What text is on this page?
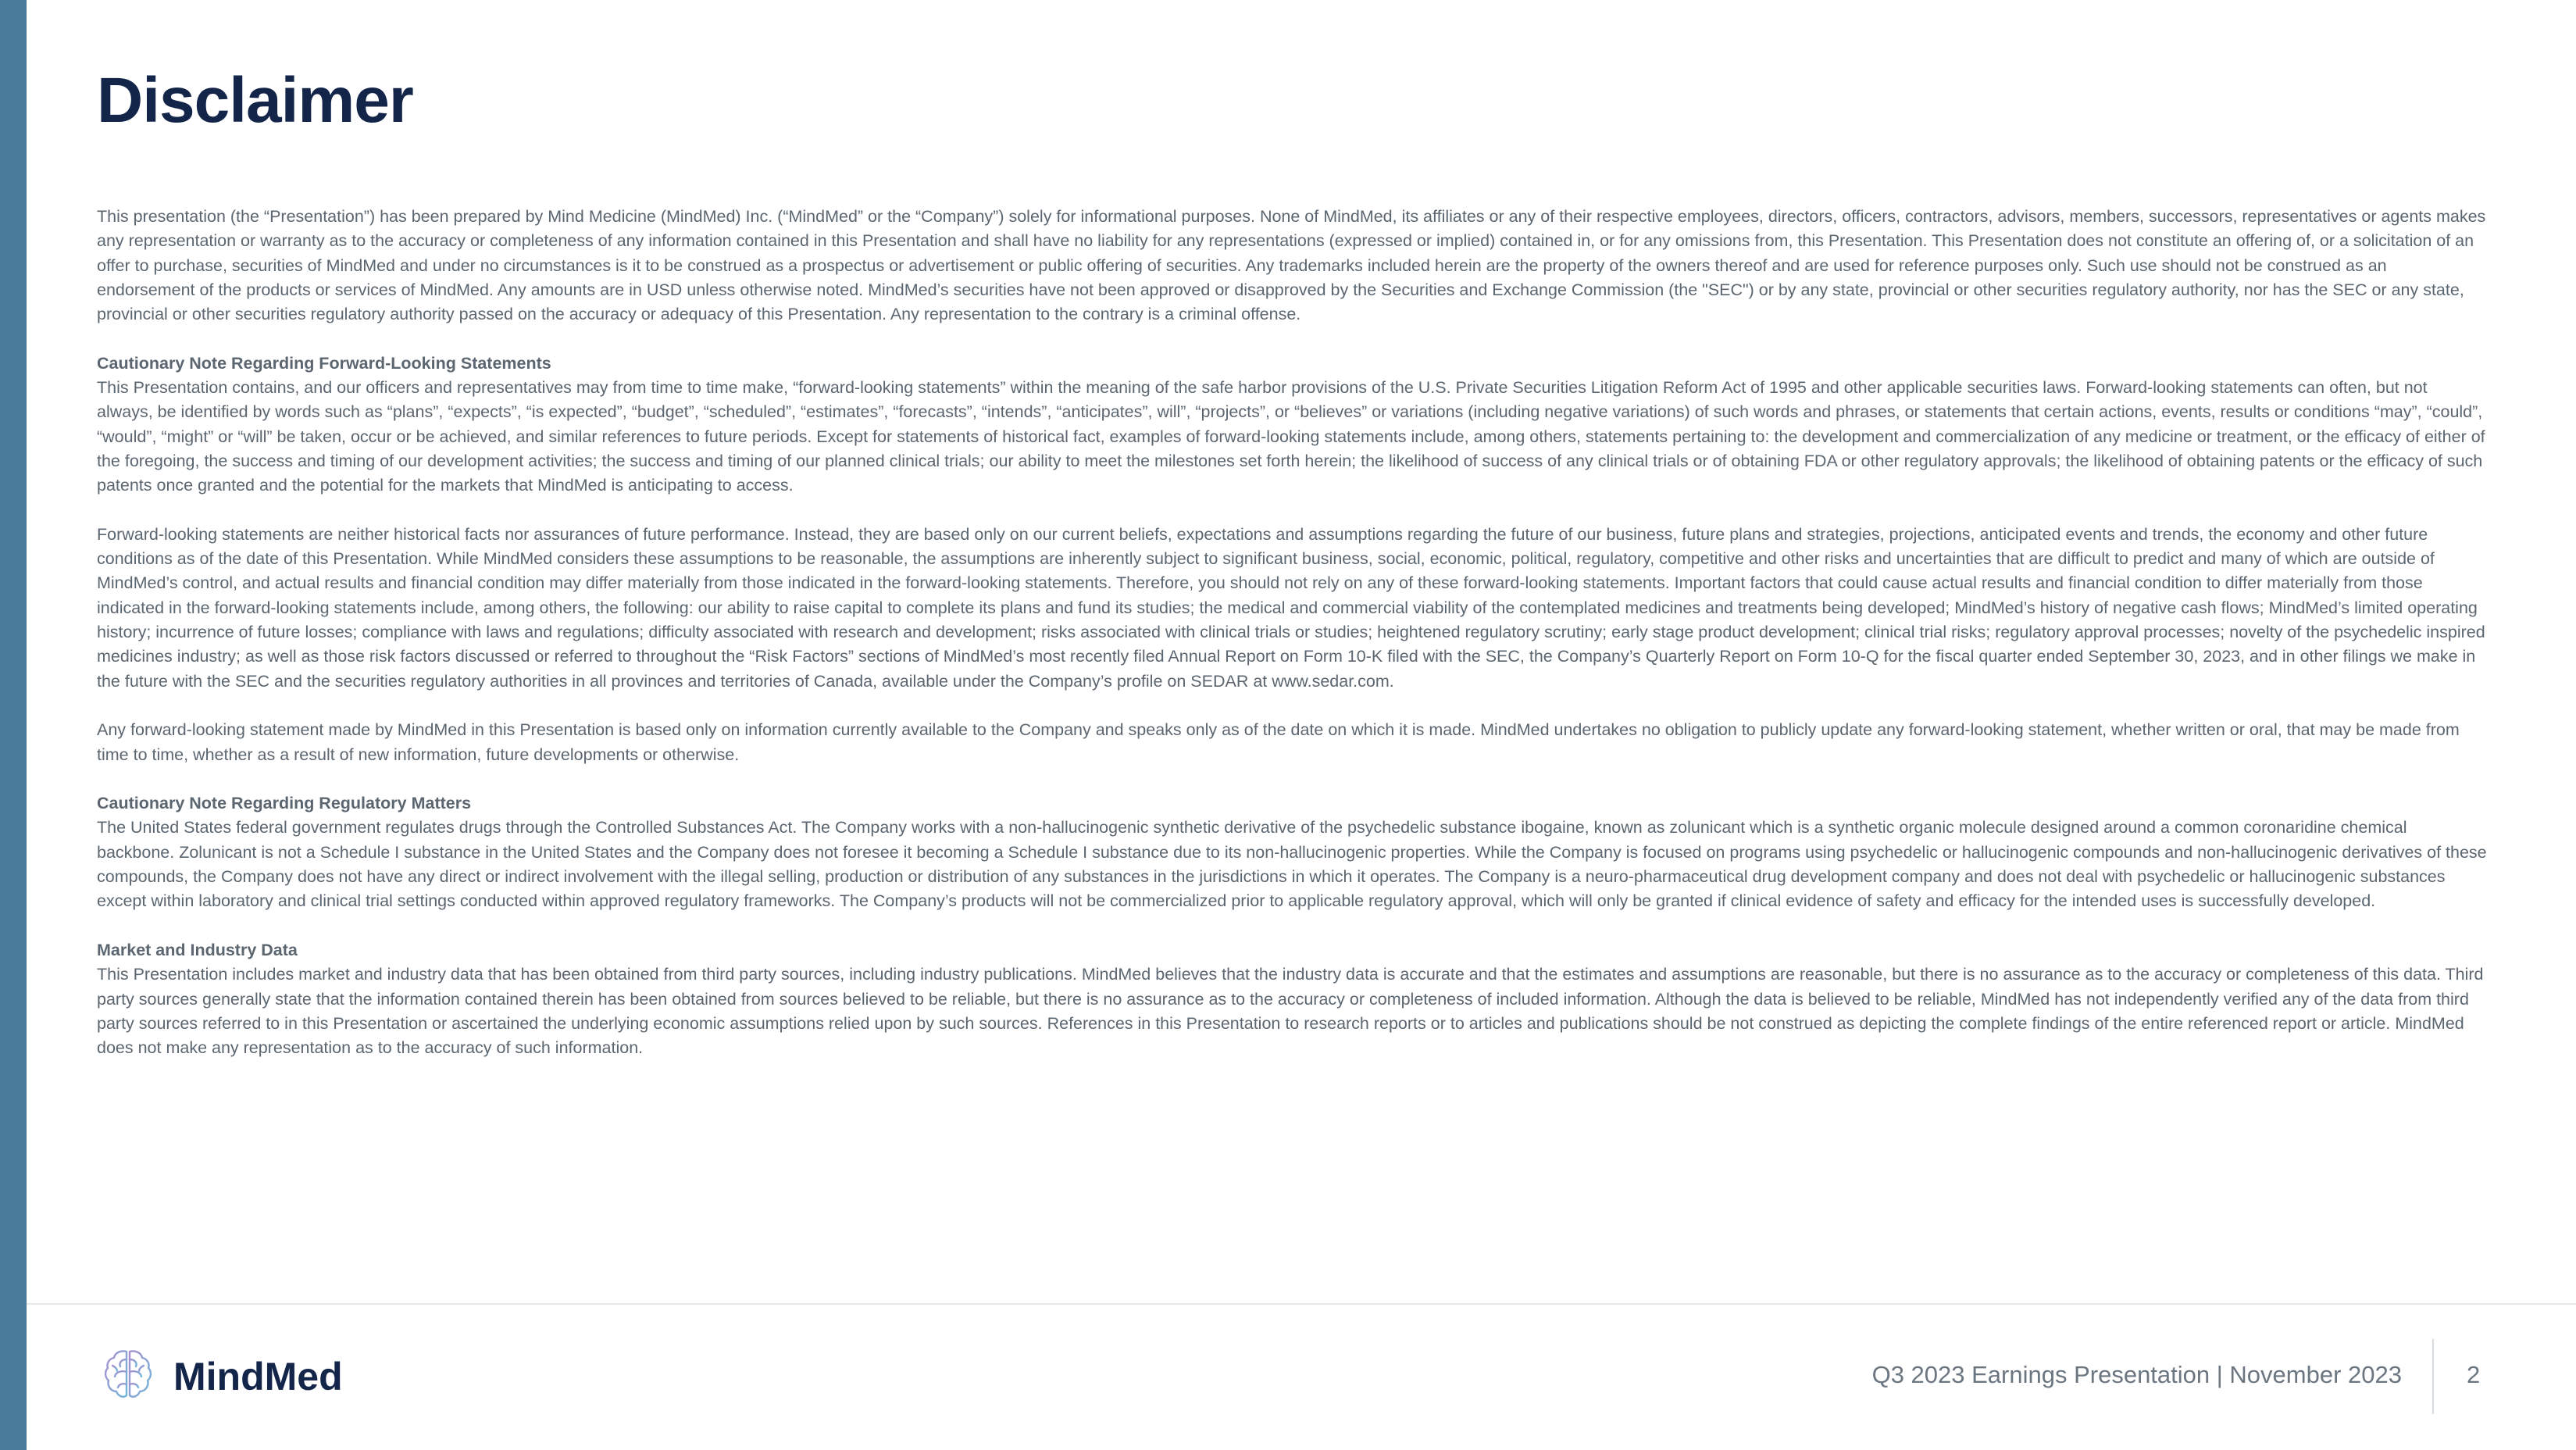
Disclaimer

This presentation (the “Presentation”) has been prepared by Mind Medicine (MindMed) Inc. (“MindMed” or the “Company”) solely for informational purposes. None of MindMed, its affiliates or any of their respective employees, directors, officers, contractors, advisors, members, successors, representatives or agents makes any representation or warranty as to the accuracy or completeness of any information contained in this Presentation and shall have no liability for any representations (expressed or implied) contained in, or for any omissions from, this Presentation. This Presentation does not constitute an offering of, or a solicitation of an offer to purchase, securities of MindMed and under no circumstances is it to be construed as a prospectus or advertisement or public offering of securities. Any trademarks included herein are the property of the owners thereof and are used for reference purposes only. Such use should not be construed as an endorsement of the products or services of MindMed. Any amounts are in USD unless otherwise noted. MindMed’s securities have not been approved or disapproved by the Securities and Exchange Commission (the "SEC") or by any state, provincial or other securities regulatory authority, nor has the SEC or any state, provincial or other securities regulatory authority passed on the accuracy or adequacy of this Presentation. Any representation to the contrary is a criminal offense.

Cautionary Note Regarding Forward-Looking Statements

This Presentation contains, and our officers and representatives may from time to time make, “forward-looking statements” within the meaning of the safe harbor provisions of the U.S. Private Securities Litigation Reform Act of 1995 and other applicable securities laws. Forward-looking statements can often, but not always, be identified by words such as “plans”, “expects”, “is expected”, “budget”, “scheduled”, “estimates”, “forecasts”, “intends”, “anticipates”, will”, “projects”, or “believes” or variations (including negative variations) of such words and phrases, or statements that certain actions, events, results or conditions “may”, “could”, “would”, “might” or “will” be taken, occur or be achieved, and similar references to future periods. Except for statements of historical fact, examples of forward-looking statements include, among others, statements pertaining to: the development and commercialization of any medicine or treatment, or the efficacy of either of the foregoing, the success and timing of our development activities; the success and timing of our planned clinical trials; our ability to meet the milestones set forth herein; the likelihood of success of any clinical trials or of obtaining FDA or other regulatory approvals; the likelihood of obtaining patents or the efficacy of such patents once granted and the potential for the markets that MindMed is anticipating to access.

Forward-looking statements are neither historical facts nor assurances of future performance. Instead, they are based only on our current beliefs, expectations and assumptions regarding the future of our business, future plans and strategies, projections, anticipated events and trends, the economy and other future conditions as of the date of this Presentation. While MindMed considers these assumptions to be reasonable, the assumptions are inherently subject to significant business, social, economic, political, regulatory, competitive and other risks and uncertainties that are difficult to predict and many of which are outside of MindMed’s control, and actual results and financial condition may differ materially from those indicated in the forward-looking statements. Therefore, you should not rely on any of these forward-looking statements. Important factors that could cause actual results and financial condition to differ materially from those indicated in the forward-looking statements include, among others, the following: our ability to raise capital to complete its plans and fund its studies; the medical and commercial viability of the contemplated medicines and treatments being developed; MindMed’s history of negative cash flows; MindMed’s limited operating history; incurrence of future losses; compliance with laws and regulations; difficulty associated with research and development; risks associated with clinical trials or studies; heightened regulatory scrutiny; early stage product development; clinical trial risks; regulatory approval processes; novelty of the psychedelic inspired medicines industry; as well as those risk factors discussed or referred to throughout the “Risk Factors” sections of MindMed’s most recently filed Annual Report on Form 10-K filed with the SEC, the Company’s Quarterly Report on Form 10-Q for the fiscal quarter ended September 30, 2023, and in other filings we make in the future with the SEC and the securities regulatory authorities in all provinces and territories of Canada, available under the Company’s profile on SEDAR at www.sedar.com.

Any forward-looking statement made by MindMed in this Presentation is based only on information currently available to the Company and speaks only as of the date on which it is made. MindMed undertakes no obligation to publicly update any forward-looking statement, whether written or oral, that may be made from time to time, whether as a result of new information, future developments or otherwise.

Cautionary Note Regarding Regulatory Matters

The United States federal government regulates drugs through the Controlled Substances Act. The Company works with a non-hallucinogenic synthetic derivative of the psychedelic substance ibogaine, known as zolunicant which is a synthetic organic molecule designed around a common coronaridine chemical backbone. Zolunicant is not a Schedule I substance in the United States and the Company does not foresee it becoming a Schedule I substance due to its non-hallucinogenic properties. While the Company is focused on programs using psychedelic or hallucinogenic compounds and non-hallucinogenic derivatives of these compounds, the Company does not have any direct or indirect involvement with the illegal selling, production or distribution of any substances in the jurisdictions in which it operates. The Company is a neuro-pharmaceutical drug development company and does not deal with psychedelic or hallucinogenic substances except within laboratory and clinical trial settings conducted within approved regulatory frameworks. The Company’s products will not be commercialized prior to applicable regulatory approval, which will only be granted if clinical evidence of safety and efficacy for the intended uses is successfully developed.

Market and Industry Data

This Presentation includes market and industry data that has been obtained from third party sources, including industry publications. MindMed believes that the industry data is accurate and that the estimates and assumptions are reasonable, but there is no assurance as to the accuracy or completeness of this data. Third party sources generally state that the information contained therein has been obtained from sources believed to be reliable, but there is no assurance as to the accuracy or completeness of included information. Although the data is believed to be reliable, MindMed has not independently verified any of the data from third party sources referred to in this Presentation or ascertained the underlying economic assumptions relied upon by such sources. References in this Presentation to research reports or to articles and publications should be not construed as depicting the complete findings of the entire referenced report or article. MindMed does not make any representation as to the accuracy of such information.

MindMed	Q3 2023 Earnings Presentation | November 2023	2
